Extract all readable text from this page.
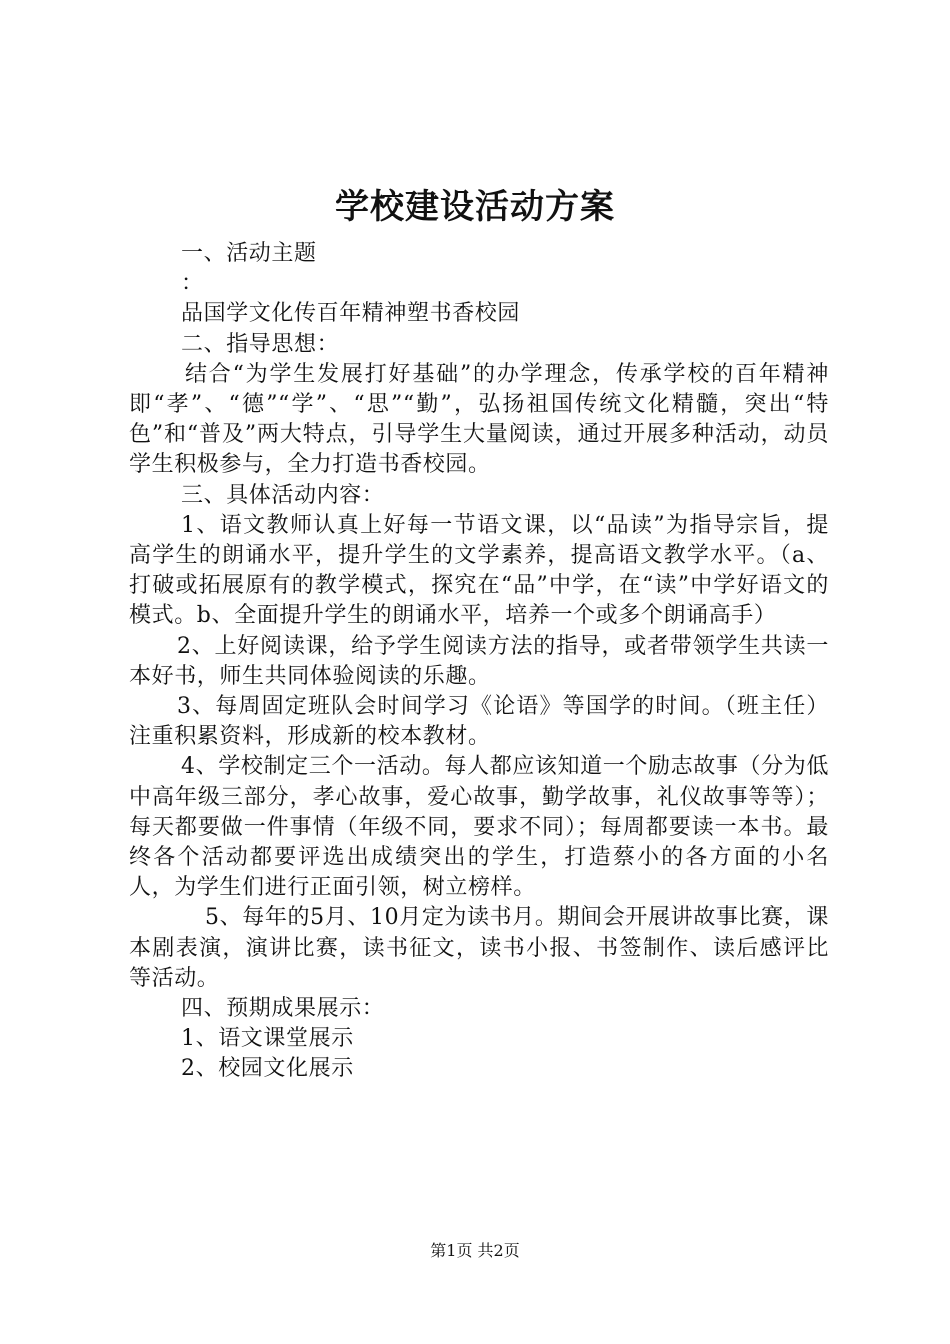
学校建设活动方案
一、活动主题
：
品国学文化传百年精神塑书香校园
二、指导思想：

结合“为学生发展打好基础”的办学理念，传承学校的百年精神即“孝”、“德”“学”、“思”“勤”，弘扬祖国传统文化精髓，突出“特色”和“普及”两大特点，引导学生大量阅读，通过开展多种活动，动员学生积极参与，全力打造书香校园。

三、具体活动内容：

1、语文教师认真上好每一节语文课，以“品读”为指导宗旨，提高学生的朗诵水平，提升学生的文学素养，提高语文教学水平。（a、打破或拓展原有的教学模式，探究在“品”中学，在“读”中学好语文的模式。b、全面提升学生的朗诵水平，培养一个或多个朗诵高手）

2、上好阅读课，给予学生阅读方法的指导，或者带领学生共读一本好书，师生共同体验阅读的乐趣。

3、每周固定班队会时间学习《论语》等国学的时间。（班主任）注重积累资料，形成新的校本教材。

4、学校制定三个一活动。每人都应该知道一个励志故事（分为低中高年级三部分，孝心故事，爱心故事，勤学故事，礼仪故事等等）；每天都要做一件事情（年级不同，要求不同）；每周都要读一本书。最终各个活动都要评选出成绩突出的学生，打造蔡小的各方面的小名人，为学生们进行正面引领，树立榜样。

5、每年的5月、10月定为读书月。期间会开展讲故事比赛，课本剧表演，演讲比赛，读书征文，读书小报、书签制作、读后感评比等活动。

四、预期成果展示：
1、语文课堂展示
2、校园文化展示
第1页 共2页
